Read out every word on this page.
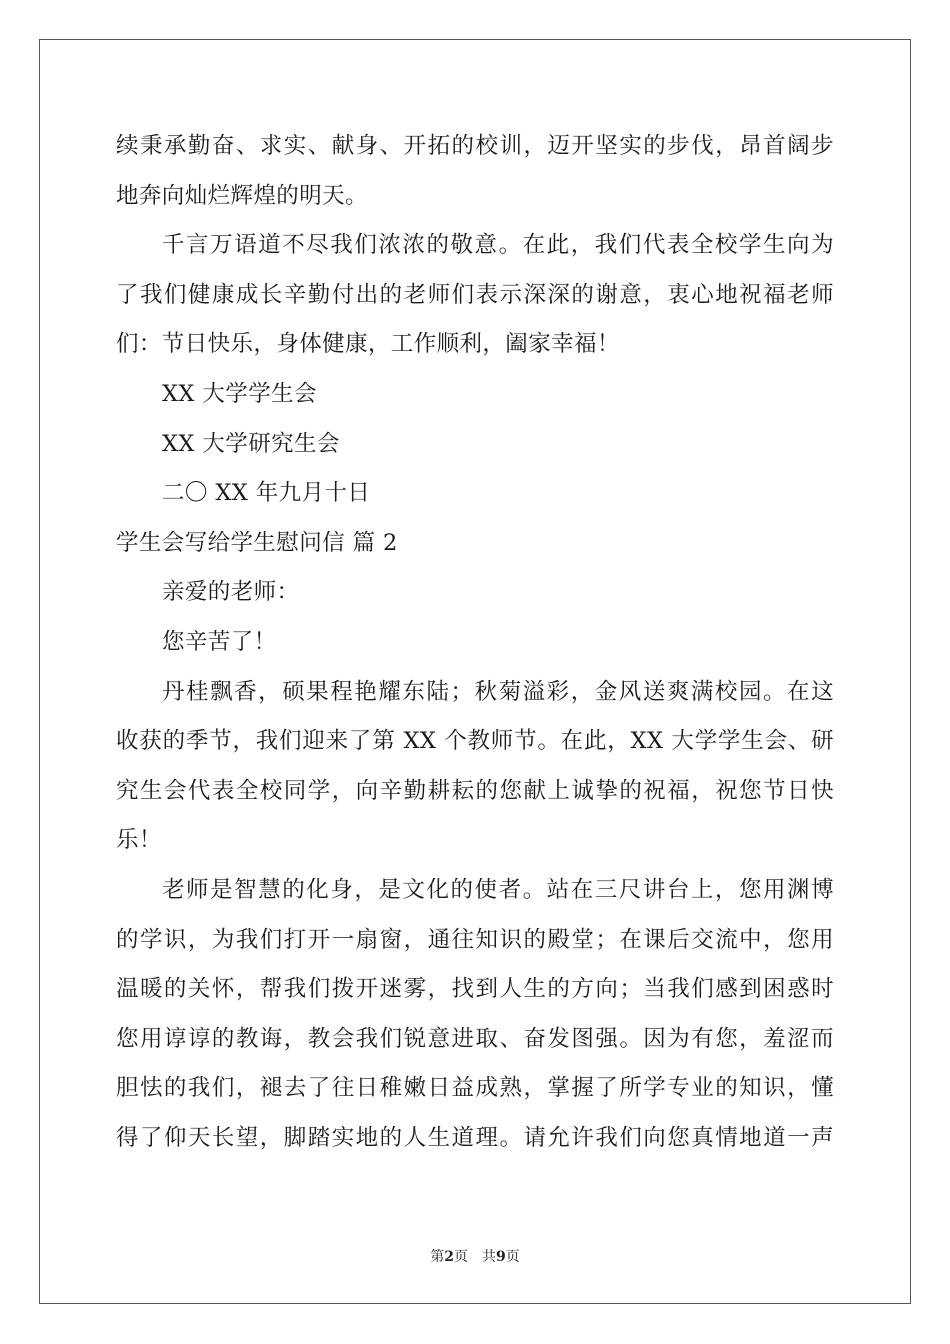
续秉承勤奋、求实、献身、开拓的校训，迈开坚实的步伐，昂首阔步
地奔向灿烂辉煌的明天。
千言万语道不尽我们浓浓的敬意。在此，我们代表全校学生向为
了我们健康成长辛勤付出的老师们表示深深的谢意，衷心地祝福老师
们：节日快乐，身体健康，工作顺利，阖家幸福！
XX 大学学生会
XX 大学研究生会
二〇 XX 年九月十日
学生会写给学生慰问信 篇 2
亲爱的老师：
您辛苦了！
丹桂飘香，硕果程艳耀东陆；秋菊溢彩，金风送爽满校园。在这
收获的季节，我们迎来了第 XX 个教师节。在此，XX 大学学生会、研
究生会代表全校同学，向辛勤耕耘的您献上诚挚的祝福，祝您节日快
乐！
老师是智慧的化身，是文化的使者。站在三尺讲台上，您用渊博
的学识，为我们打开一扇窗，通往知识的殿堂；在课后交流中，您用
温暖的关怀，帮我们拨开迷雾，找到人生的方向；当我们感到困惑时
您用谆谆的教诲，教会我们锐意进取、奋发图强。因为有您，羞涩而
胆怯的我们，褪去了往日稚嫩日益成熟，掌握了所学专业的知识，懂
得了仰天长望，脚踏实地的人生道理。请允许我们向您真情地道一声
第2页　共9页
